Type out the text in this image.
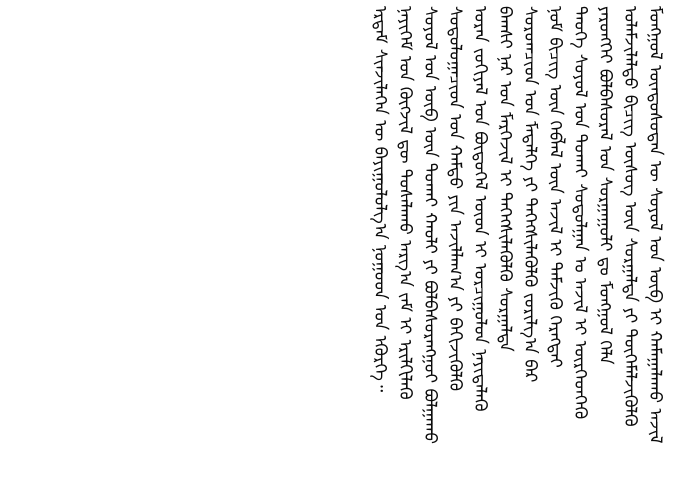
ᠮᠣᠩᠭᠣᠯ ᠦᠨᠳᠦᠰᠦᠲᠡᠨ ᠦ ᠰᠤᠶᠤᠯ ᠤᠨ ᠥᠪ ᠢ ᠬᠠᠮᠠᠭᠠᠯᠠᠬᠤ ᠠᠵᠢᠯ
ᠤᠯᠠᠮᠵᠢᠯᠠᠯᠲᠤ ᠪᠢᠴᠢᠭ ᠦᠰᠦᠭ ᠦᠨ ᠰᠤᠷᠭᠠᠯᠲᠠ ᠶᠢ ᠲᠦᠭᠡᠮᠡᠯᠵᠢᠭᠦᠯᠬᠦ
ᠶᠡᠷᠦᠩᠬᠡᠢ ᠪᠣᠯᠪᠠᠰᠤᠷᠠᠯ ᠤᠨ ᠰᠤᠷᠭᠠᠭᠤᠯᠢ ᠳᠤ ᠮᠣᠩᠭᠣᠯ ᠬᠡᠯᠡ
ᠲᠡᠦᠬᠡ ᠰᠤᠶᠤᠯ ᠤᠨ ᠲᠤᠬᠠᠢ ᠰᠤᠳᠤᠯᠭᠠᠨ ᠤ ᠠᠵᠢᠯ ᠢ ᠥᠷᠭᠡᠳᠬᠡᠬᠦ
ᠨᠣᠮ ᠪᠢᠴᠢᠭ ᠦᠨ ᠬᠡᠪᠯᠡᠯ ᠦᠨ ᠠᠵᠢᠯ ᠢ ᠳᠡᠮᠵᠢᠬᠦ ᠬᠡᠷᠡᠭᠲᠡᠢ
ᠰᠤᠷᠤᠭᠴᠢᠳ ᠤᠨ ᠮᠡᠳᠡᠯᠭᠡ ᠶᠢ ᠳᠡᠭᠡᠭᠰᠢᠯᠡᠭᠦᠯᠬᠦ ᠵᠣᠷᠢᠯᠭ᠎ᠠ ᠪᠠᠷ
ᠪᠠᠭᠰᠢ ᠨᠠᠷ ᠤᠨ ᠮᠡᠷᠭᠡᠵᠢᠯ ᠢ ᠳᠡᠭᠡᠭᠰᠢᠯᠡᠭᠦᠯᠬᠦ ᠰᠤᠷᠭᠠᠯᠲᠠ
ᠤᠷᠠᠨ ᠵᠣᠬᠢᠶᠠᠯ ᠤᠨ ᠪᠦᠲᠦᠭᠡᠯ ᠦᠳ ᠢ ᠣᠷᠴᠢᠭᠤᠯᠤᠨ ᠨᠡᠶᠢᠲᠡᠯᠡᠬᠦ
ᠰᠤᠳᠤᠯᠤᠭᠠᠴᠢᠳ ᠤᠨ ᠬᠠᠮᠲᠤ ᠶᠢᠨ ᠠᠵᠢᠯᠯᠠᠭ᠎ᠠ ᠶᠢ ᠪᠡᠬᠢᠵᠢᠭᠦᠯᠬᠦ
ᠰᠤᠶᠤᠯ ᠤᠨ ᠥᠪ ᠦᠨ ᠲᠤᠬᠠᠢ ᠬᠠᠤᠯᠢ ᠶᠢ ᠪᠣᠯᠪᠠᠰᠤᠷᠠᠩᠭᠤᠢ ᠪᠣᠯᠭᠠᠬᠤ
ᠨᠡᠶᠢᠭᠡᠮ ᠤᠨ ᠬᠥᠭᠵᠢᠯ ᠳᠦ ᠲᠤᠰᠠᠯᠠᠬᠤ ᠠᠷᠭ᠎ᠠ ᠵᠠᠮ ᠢ ᠡᠷᠢᠯᠬᠢᠯᠡᠬᠦ
ᠡᠷᠳᠡᠮ ᠰᠢᠨᠵᠢᠯᠡᠭᠡᠨ ᠦ ᠪᠠᠶᠢᠭᠤᠯᠤᠯᠭ᠎ᠠ ᠨᠤᠭᠤᠳ ᠤᠨ ᠡᠭᠦᠷᠭᠡ᠃
